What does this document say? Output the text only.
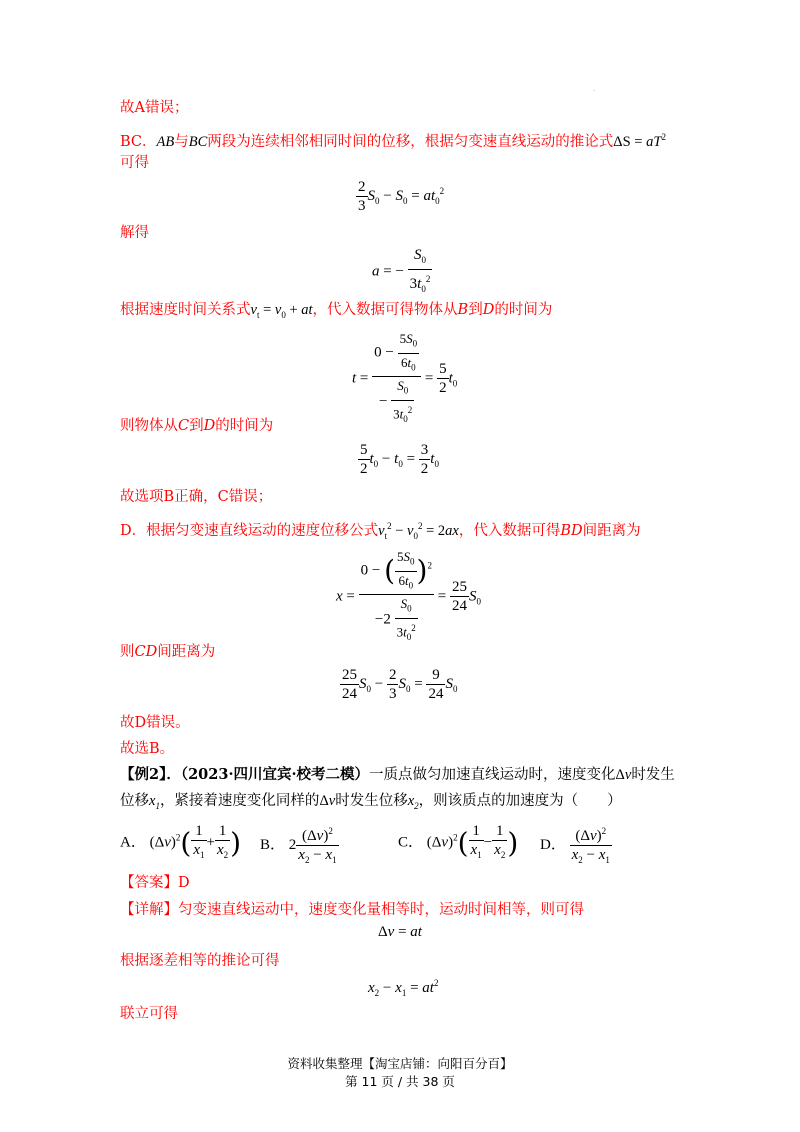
.
故A错误；
BC．AB与BC两段为连续相邻相同时间的位移，根据匀变速直线运动的推论式$\Delta S = aT^2$
可得
$\frac{2}{3} S_0 - S_0 = at_0^2$
解得
a = − $\frac{S_0}{3t_0^2}$
根据速度时间关系式$v_t = v_0$ + at，代入数据可得物体从B到D的时间为
$t = \frac{0 - \frac{5S_0}{6t_0}}{- \frac{S_0}{3t_0^2}} = \frac{5}{2} t_0$
则物体从C到D的时间为
$\frac{5}{2} t_0 - t_0 = \frac{3}{2} t_0$
故选项B正确，C错误；
D．根据匀变速直线运动的速度位移公式$v_t^2 - v_0^2 = 2ax$，代入数据可得BD间距离为
$x = \frac{0 - ( \frac{5S_0}{6t_0} )^2}{-2 \frac{S_0}{3t_0^2}} = \frac{25}{24} S_0$
则CD间距离为
$\frac{25}{24} S_0 - \frac{2}{3} S_0 = \frac{9}{24} S_0$
故D错误。
故选B。
【例2】．（2023·四川宜宾·校考二模）一质点做匀加速直线运动时，速度变化Δv时发生
位移$x_1$，紧接着速度变化同样的Δv时发生位移$x_2$，则该质点的加速度为（　　）
A． $(\Delta v)^2( \frac{1}{x_1} + \frac{1}{x_2}$ ) B． $2 \frac{(\Delta v)^2}{x_2 - x_1}$	C． $(\Delta v)^2( \frac{1}{x_1} - \frac{1}{x_2}$ ) D． $\frac{(\Delta v)^2}{x_2 - x_1}$
【答案】D
【详解】匀变速直线运动中，速度变化量相等时，运动时间相等，则可得
Δv = at
根据逐差相等的推论可得
$x_2 - x_1 = at^2$
联立可得
资料收集整理【淘宝店铺：向阳百分百】
第 11 页 / 共 38 页
